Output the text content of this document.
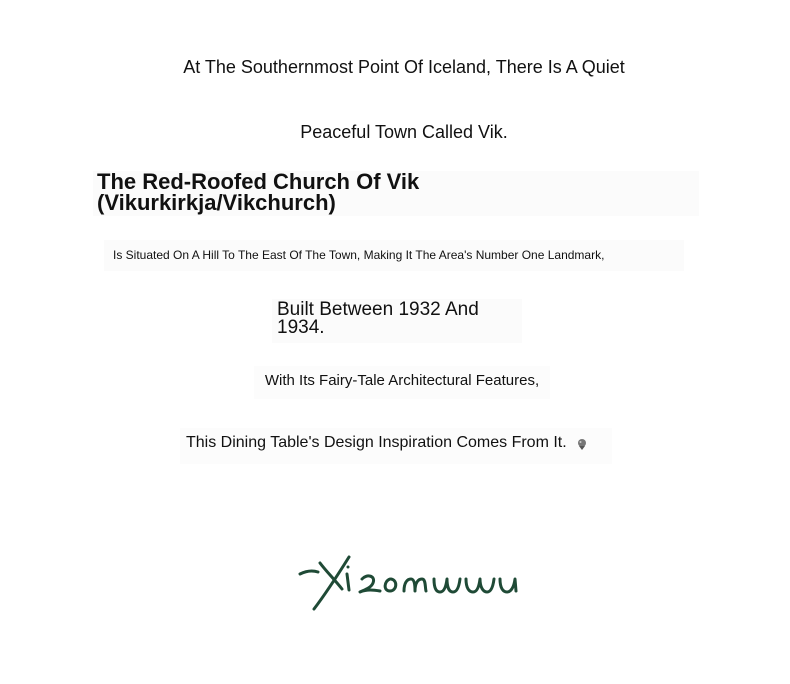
At The Southernmost Point Of Iceland, There Is A Quiet
Peaceful Town Called Vik.
The Red-Roofed Church Of Vik (Vikurkirkja/Vikchurch)
Is Situated On A Hill To The East Of The Town, Making It The Area's Number One Landmark,

Built Between 1932 And 1934.

With Its Fairy-Tale Architectural Features,
This Dining Table's Design Inspiration Comes From It.
